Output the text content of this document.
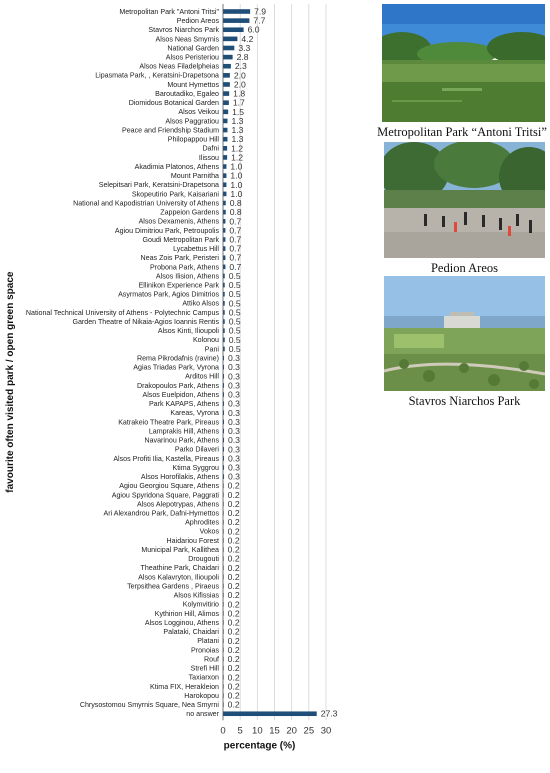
Metropolitan Park "Antoni Tritsi"
Pedion Areos
Stavros Niarchos Park
Alsos Neas Smyrnis
National Garden
Alsos Peristeriou
Alsos Neas Filadelpheias
Lipasmata Park, , Keratsini-Drapetsona
Mount Hymettos
Baroutadiko, Egaleo
Diomidous Botanical Garden
Alsos Veikou
Alsos Paggratiou
Peace and Friendship Stadium
Philopappou Hill
Dafni
Ilissou
Akadimia Platonos, Athens
Mount Parnitha
Selepitsari Park, Keratsini-Drapetsona
Skopeutirio Park, Kaisariani
National and Kapodistrian University of Athens
Zappeion Gardens
Alsos Dexamenis, Athens
Agiou Dimitriou Park, Petroupolis
Goudi Metropolitan Park
Lycabettus Hill
Neas Zois Park, Peristeri
Probona Park, Athens
Alsos Ilision, Athens
Ellinikon Experience Park
Asyrmatos Park, Agios Dimitrios
Attiko Alsos
National Technical University of Athens - Polytechnic Campus
Garden Theatre of Nikaia-Agios Ioannis Rentis
Alsos Kinti, Ilioupoli
Kolonou
Pani
Rema Pikrodafnis (ravine)
Agias Triadas Park, Vyrona
Arditos Hill
Drakopoulos Park, Athens
Alsos Euelpidon, Athens
Park KAPAPS, Athens
Kareas, Vyrona
Katrakeio Theatre Park, Pireaus
Lamprakis Hill, Athens
Navarinou Park, Athens
Parko Dilaveri
Alsos Profiti Ilia, Kastella, Pireaus
Ktima Syggrou
Alsos Horofilakis, Athens
Agiou Georgiou Square, Athens
Agiou Spyridona Square, Paggrati
Alsos Alepotrypas, Athens
Ari Alexandrou Park, Dafni-Hymettos
Aphrodites
Vokos
Haidariou Forest
Municipal Park, Kallithea
Drougouti
Theathine Park, Chaidari
Alsos Kalavryton, Ilioupoli
Terpsithea Gardens , Piraeus
Alsos Kifissias
Kolymvitirio
Kythirion Hill, Alimos
Alsos Logginou, Athens
Palataki, Chaidari
Platani
Pronoias
Rouf
Strefi Hill
Taxiarxon
Ktima FIX, Herakleion
Harokopou
Chrysostomou Smyrnis Square, Nea Smyrni
no answer
7.9
7.7
6.0
4.2
3.3
2.8
2.3
2.0
2.0
1.8
1.7
1.5
1.3
1.3
1.3
1.2
1.2
1.0
1.0
1.0
1.0
0.8
0.8
0.7
0.7
0.7
0.7
0.7
0.7
0.5
0.5
0.5
0.5
0.5
0.5
0.5
0.5
0.5
0.3
0.3
0.3
0.3
0.3
0.3
0.3
0.3
0.3
0.3
0.3
0.3
0.3
0.3
0.2
0.2
0.2
0.2
0.2
0.2
0.2
0.2
0.2
0.2
0.2
0.2
0.2
0.2
0.2
0.2
0.2
0.2
0.2
0.2
0.2
0.2
0.2
0.2
0.2
27.3
0 5 10 15 20 25 30
percentage (%)
favourite often visited park / open green space
Metropolitan Park “Antoni Tritsi”
Pedion Areos
Stavros Niarchos Park
